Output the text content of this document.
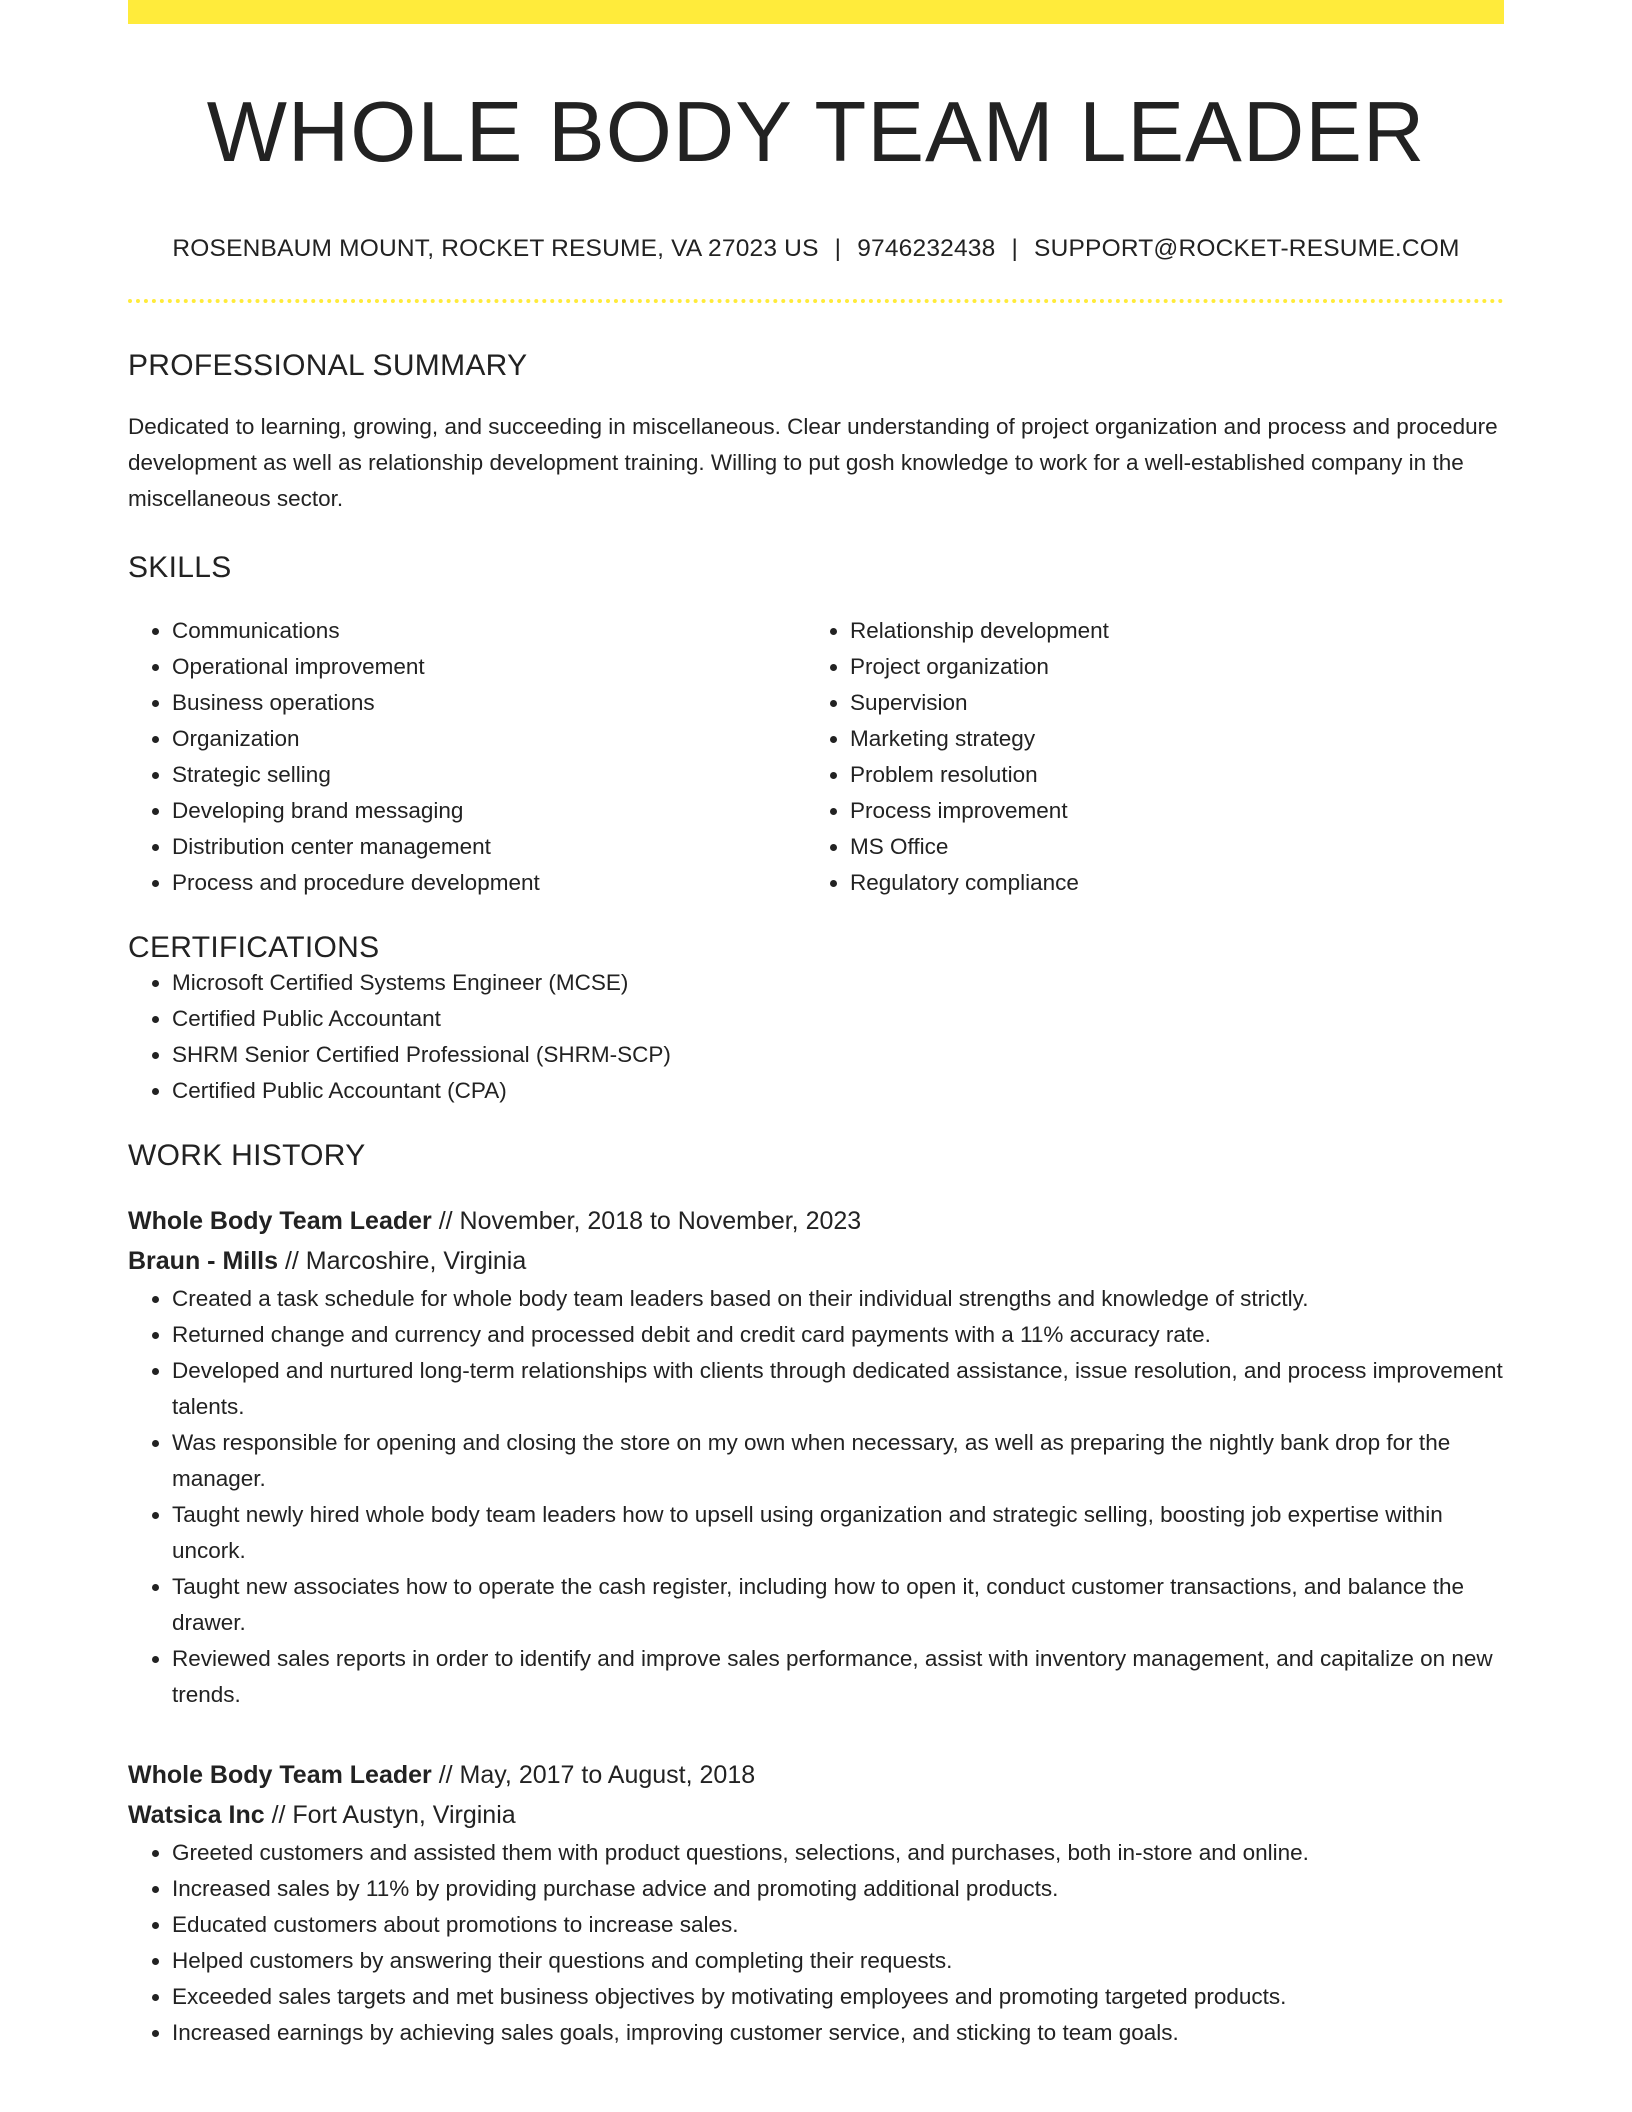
WHOLE BODY TEAM LEADER
ROSENBAUM MOUNT, ROCKET RESUME, VA 27023 US | 9746232438 | SUPPORT@ROCKET-RESUME.COM
PROFESSIONAL SUMMARY

Dedicated to learning, growing, and succeeding in miscellaneous. Clear understanding of project organization and process and procedure development as well as relationship development training. Willing to put gosh knowledge to work for a well-established company in the miscellaneous sector.

SKILLS
• Communications
• Operational improvement
• Business operations
• Organization
• Strategic selling
• Developing brand messaging
• Distribution center management
• Process and procedure development
• Relationship development
• Project organization
• Supervision
• Marketing strategy
• Problem resolution
• Process improvement
• MS Office
• Regulatory compliance
CERTIFICATIONS
• Microsoft Certified Systems Engineer (MCSE)
• Certified Public Accountant
• SHRM Senior Certified Professional (SHRM-SCP)
• Certified Public Accountant (CPA)
WORK HISTORY
Whole Body Team Leader // November, 2018 to November, 2023
Braun - Mills // Marcoshire, Virginia
• Created a task schedule for whole body team leaders based on their individual strengths and knowledge of strictly.
• Returned change and currency and processed debit and credit card payments with a 11% accuracy rate.
• Developed and nurtured long-term relationships with clients through dedicated assistance, issue resolution, and process improvement talents.
• Was responsible for opening and closing the store on my own when necessary, as well as preparing the nightly bank drop for the manager.
• Taught newly hired whole body team leaders how to upsell using organization and strategic selling, boosting job expertise within uncork.
• Taught new associates how to operate the cash register, including how to open it, conduct customer transactions, and balance the drawer.
• Reviewed sales reports in order to identify and improve sales performance, assist with inventory management, and capitalize on new trends.
Whole Body Team Leader // May, 2017 to August, 2018
Watsica Inc // Fort Austyn, Virginia
• Greeted customers and assisted them with product questions, selections, and purchases, both in-store and online.
• Increased sales by 11% by providing purchase advice and promoting additional products.
• Educated customers about promotions to increase sales.
• Helped customers by answering their questions and completing their requests.
• Exceeded sales targets and met business objectives by motivating employees and promoting targeted products.
• Increased earnings by achieving sales goals, improving customer service, and sticking to team goals.
